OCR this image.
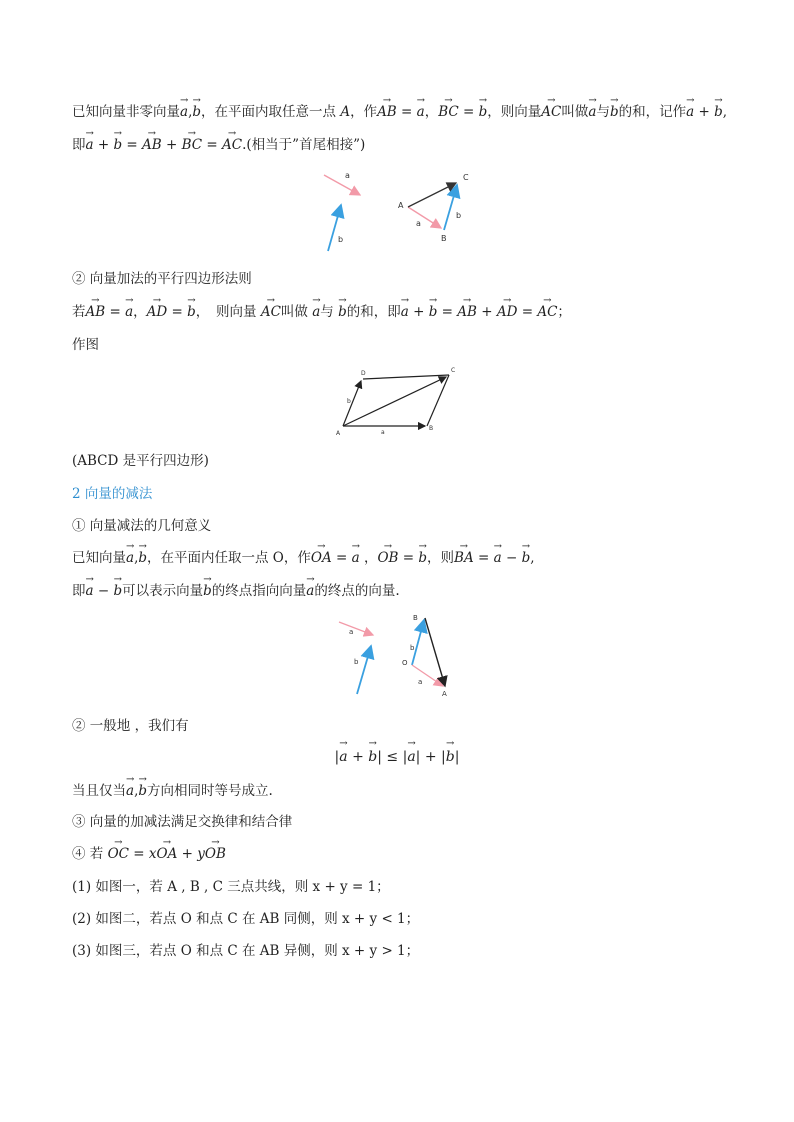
已知向量非零向量→ a,→ b，在平面内取任意一点 A，作→ AB = → a，→ BC = → b，则向量→ AC叫做→ a与→ b的和，记作→ a + → b,
即→ a + → b = → AB + → BC = → AC.(相当于”首尾相接”)
a
b
A
B
C
a
b
② 向量加法的平行四边形法则
若→ AB = → a，→ AD = → b，　则向量 → AC叫做 → a与 → b的和，即→ a + → b = → AB + → AD = → AC；
作图
A
B
C
D
b
a
(ABCD 是平行四边形)
2 向量的减法
① 向量减法的几何意义
已知向量→ a,→ b，在平面内任取一点 O，作→ OA = → a ，→ OB = → b，则→ BA = → a − → b,
即→ a − → b可以表示向量→ b的终点指向向量→ a的终点的向量.
a
b
B
O
A
b
a
② 一般地 ，我们有
|→ a + → b| ≤ |→ a| + |→ b|
当且仅当→ a,→ b方向相同时等号成立.
③ 向量的加减法满足交换律和结合律
④ 若 → OC = x→ OA + y→ OB
(1) 如图一，若 A , B , C 三点共线，则 x + y = 1；
(2) 如图二，若点 O 和点 C 在 AB 同侧，则 x + y < 1；
(3) 如图三，若点 O 和点 C 在 AB 异侧，则 x + y > 1；
